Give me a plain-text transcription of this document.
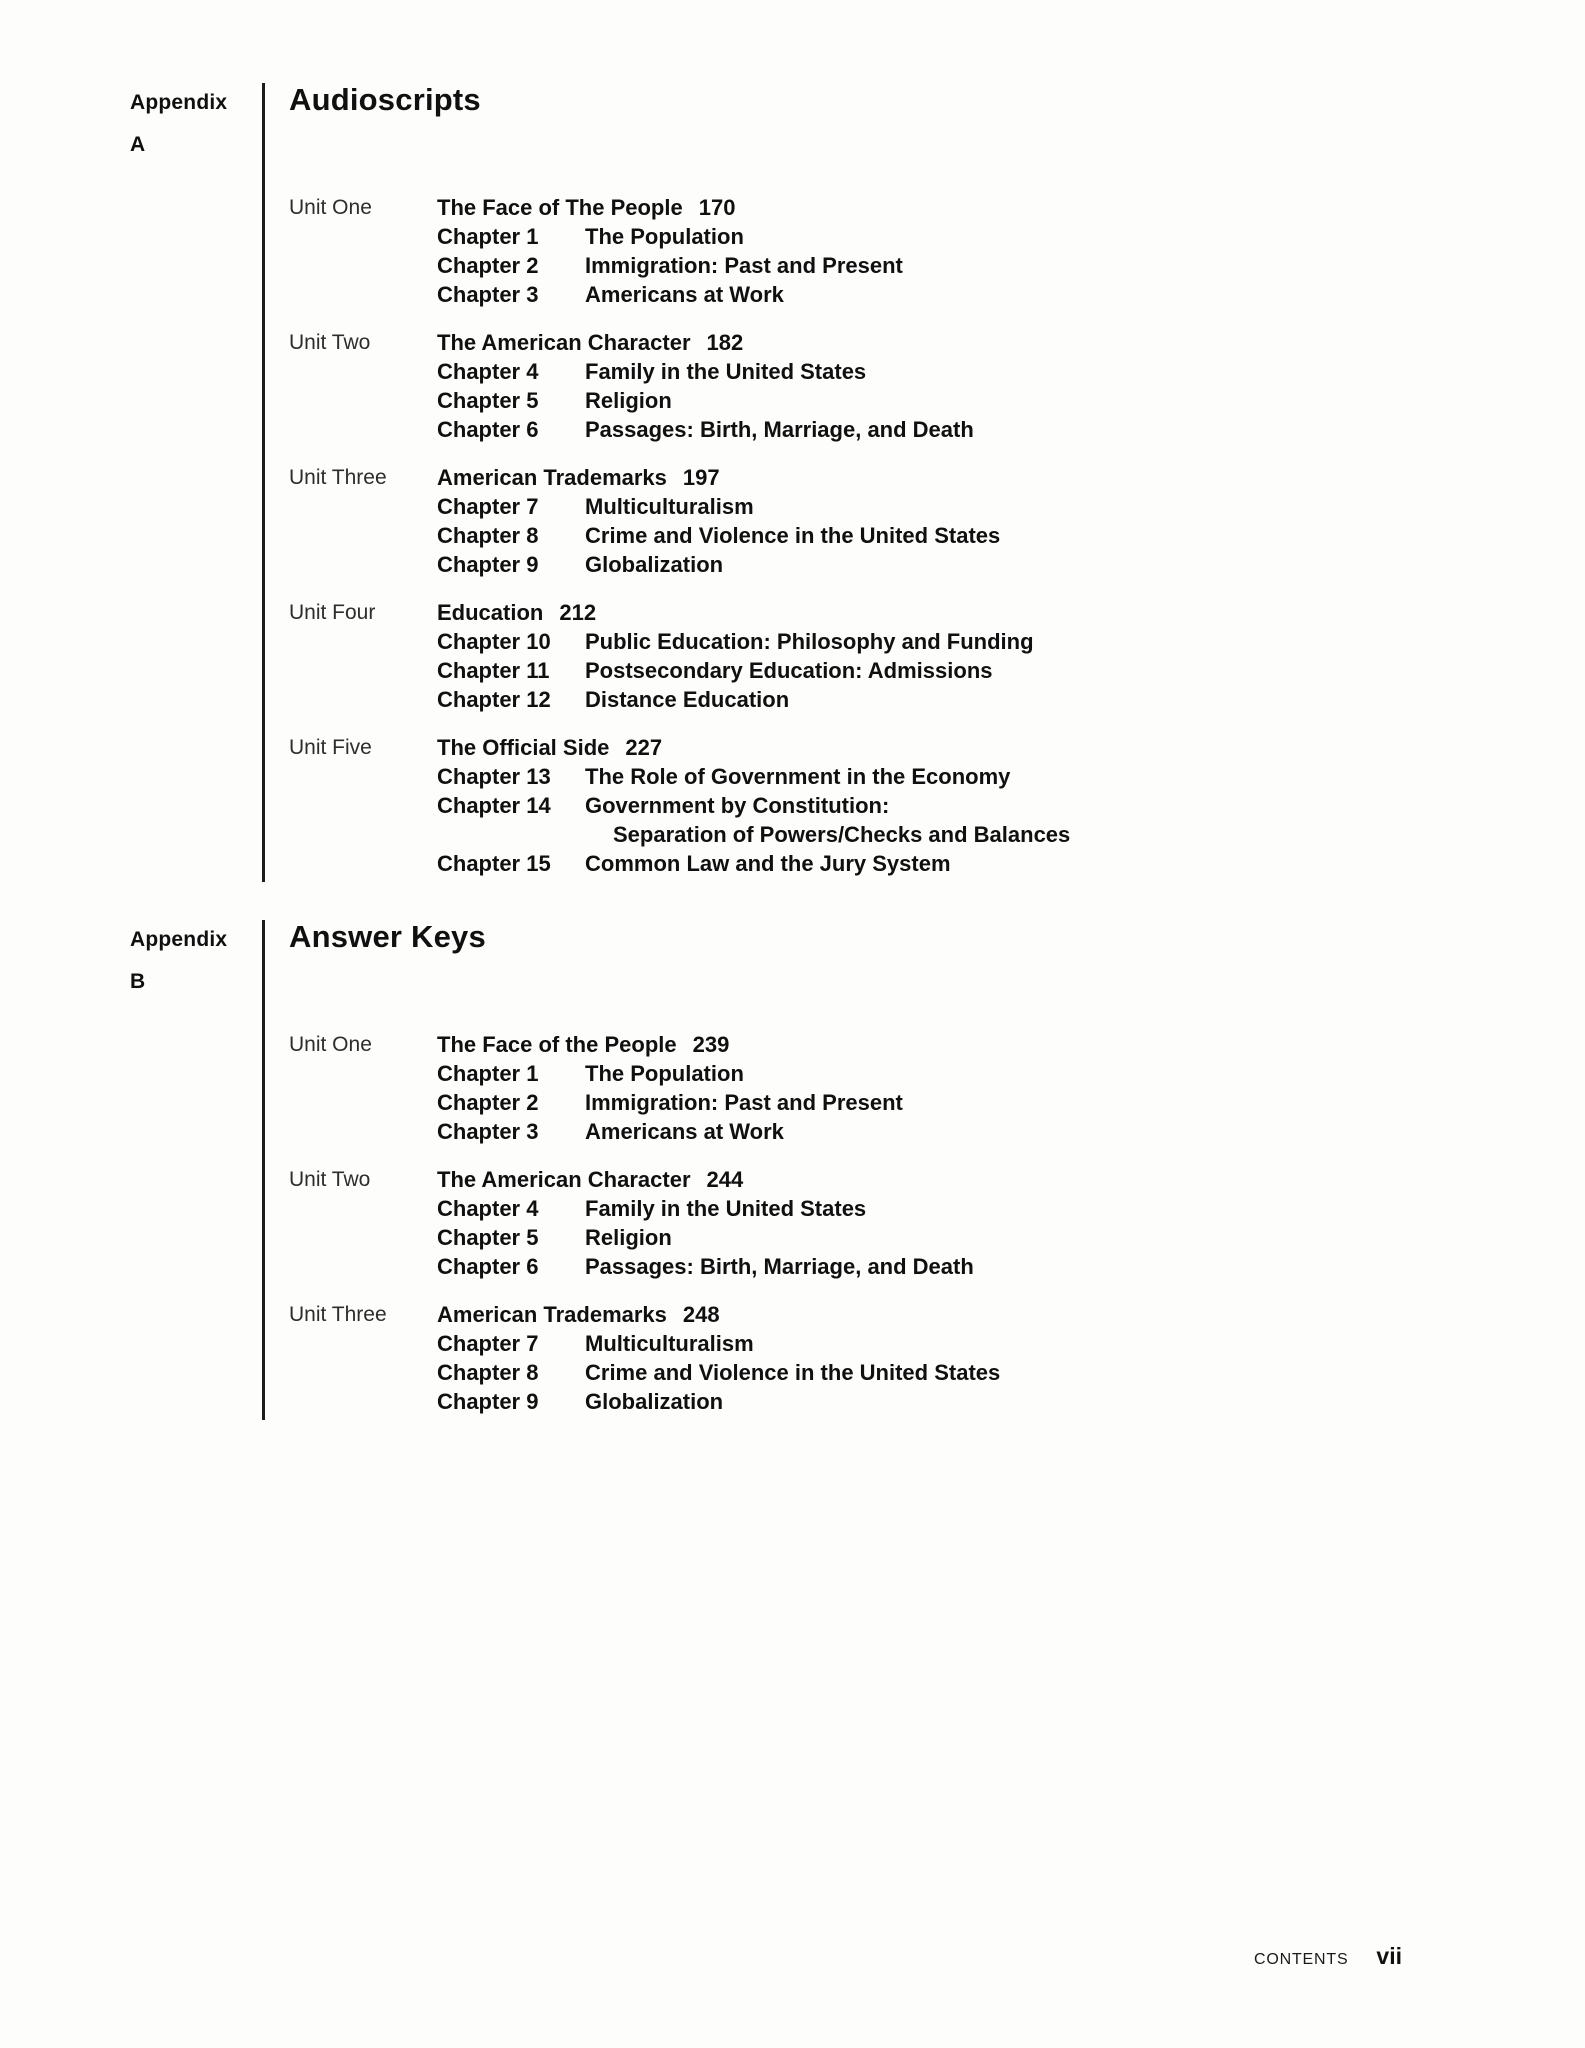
Appendix
A
Audioscripts
Unit One	The Face of The People 170
Chapter 1	The Population
Chapter 2	Immigration: Past and Present
Chapter 3	Americans at Work
Unit Two	The American Character 182
Chapter 4	Family in the United States
Chapter 5	Religion
Chapter 6	Passages: Birth, Marriage, and Death
Unit Three	American Trademarks 197
Chapter 7	Multiculturalism
Chapter 8	Crime and Violence in the United States
Chapter 9	Globalization
Unit Four	Education 212
Chapter 10	Public Education: Philosophy and Funding
Chapter 11	Postsecondary Education: Admissions
Chapter 12	Distance Education
Unit Five	The Official Side 227
Chapter 13	The Role of Government in the Economy
Chapter 14	Government by Constitution:
Separation of Powers/Checks and Balances
Chapter 15	Common Law and the Jury System
Appendix
B
Answer Keys
Unit One	The Face of the People 239
Chapter 1	The Population
Chapter 2	Immigration: Past and Present
Chapter 3	Americans at Work
Unit Two	The American Character 244
Chapter 4	Family in the United States
Chapter 5	Religion
Chapter 6	Passages: Birth, Marriage, and Death
Unit Three	American Trademarks 248
Chapter 7	Multiculturalism
Chapter 8	Crime and Violence in the United States
Chapter 9	Globalization
CONTENTS vii
